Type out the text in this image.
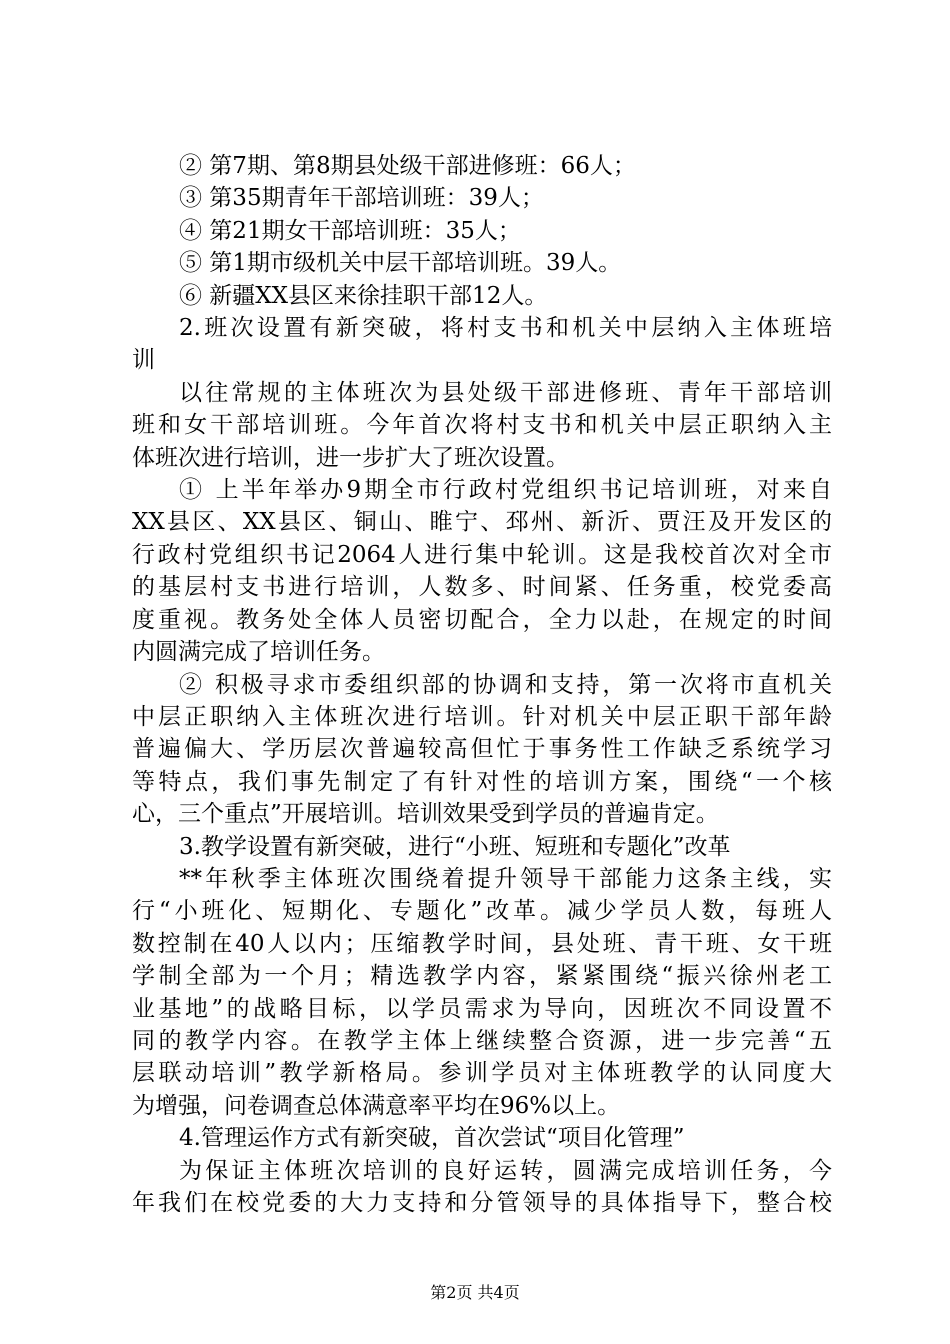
② 第7期、第8期县处级干部进修班：66人；
③ 第35期青年干部培训班：39人；
④ 第21期女干部培训班：35人；
⑤ 第1期市级机关中层干部培训班。39人。
⑥ 新疆XX县区来徐挂职干部12人。
2.班次设置有新突破，将村支书和机关中层纳入主体班培
训
以往常规的主体班次为县处级干部进修班、青年干部培训
班和女干部培训班。今年首次将村支书和机关中层正职纳入主
体班次进行培训，进一步扩大了班次设置。
① 上半年举办9期全市行政村党组织书记培训班，对来自
XX县区、XX县区、铜山、睢宁、邳州、新沂、贾汪及开发区的
行政村党组织书记2064人进行集中轮训。这是我校首次对全市
的基层村支书进行培训，人数多、时间紧、任务重，校党委高
度重视。教务处全体人员密切配合，全力以赴，在规定的时间
内圆满完成了培训任务。
② 积极寻求市委组织部的协调和支持，第一次将市直机关
中层正职纳入主体班次进行培训。针对机关中层正职干部年龄
普遍偏大、学历层次普遍较高但忙于事务性工作缺乏系统学习
等特点，我们事先制定了有针对性的培训方案，围绕“一个核
心，三个重点”开展培训。培训效果受到学员的普遍肯定。
3.教学设置有新突破，进行“小班、短班和专题化”改革
**年秋季主体班次围绕着提升领导干部能力这条主线，实
行“小班化、短期化、专题化”改革。减少学员人数，每班人
数控制在40人以内；压缩教学时间，县处班、青干班、女干班
学制全部为一个月；精选教学内容，紧紧围绕“振兴徐州老工
业基地”的战略目标，以学员需求为导向，因班次不同设置不
同的教学内容。在教学主体上继续整合资源，进一步完善“五
层联动培训”教学新格局。参训学员对主体班教学的认同度大
为增强，问卷调查总体满意率平均在96%以上。
4.管理运作方式有新突破，首次尝试“项目化管理”
为保证主体班次培训的良好运转，圆满完成培训任务，今
年我们在校党委的大力支持和分管领导的具体指导下，整合校
第2页 共4页
